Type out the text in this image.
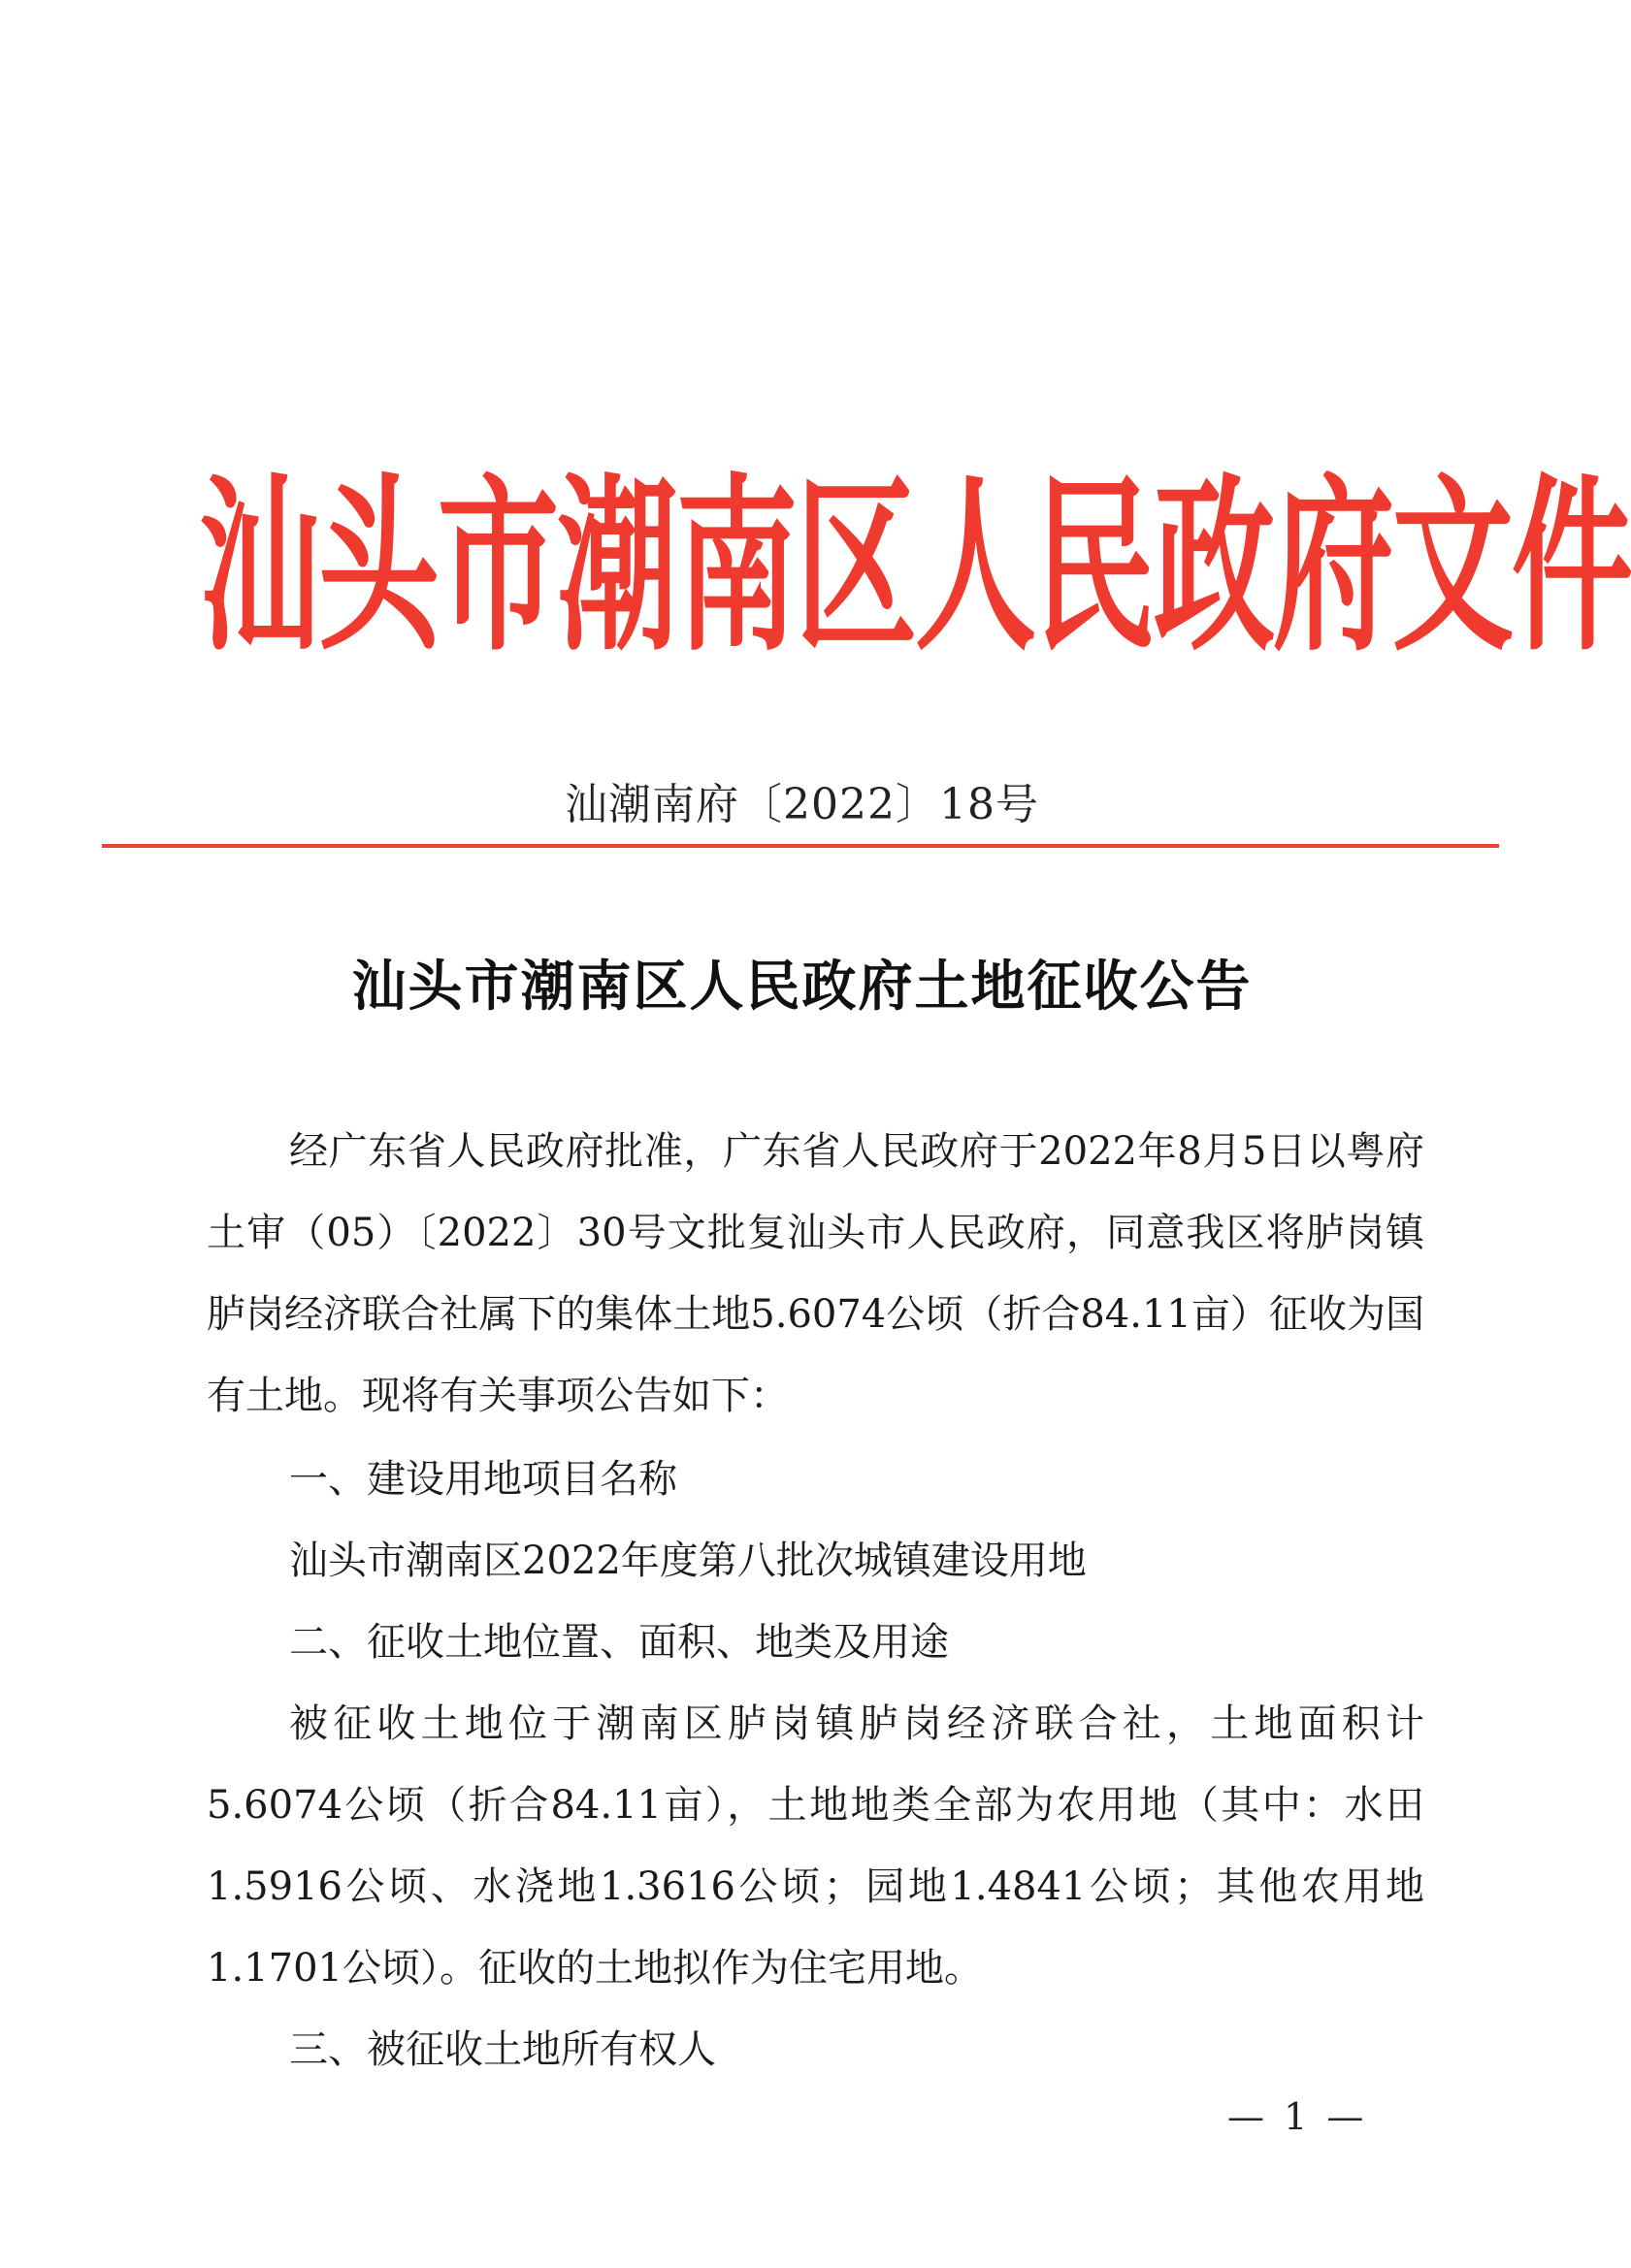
汕 头 市 潮 南 区 人 民 政 府 文 件
汕潮南府〔2022〕18号
汕头市潮南区人民政府土地征收公告

经广东省人民政府批准，广东省人民政府于2022年8月5日以粤府土审（05）〔2022〕30号文批复汕头市人民政府，同意我区将胪岗镇胪岗经济联合社属下的集体土地5.6074公顷（折合84.11亩）征收为国有土地。现将有关事项公告如下：

一、建设用地项目名称

汕头市潮南区2022年度第八批次城镇建设用地

二、征收土地位置、面积、地类及用途

被征收土地位于潮南区胪岗镇胪岗经济联合社，土地面积计5.6074公顷（折合84.11亩），土地地类全部为农用地（其中：水田1.5916公顷、水浇地1.3616公顷；园地1.4841公顷；其他农用地1.1701公顷）。征收的土地拟作为住宅用地。

三、被征收土地所有权人

— 1 —
